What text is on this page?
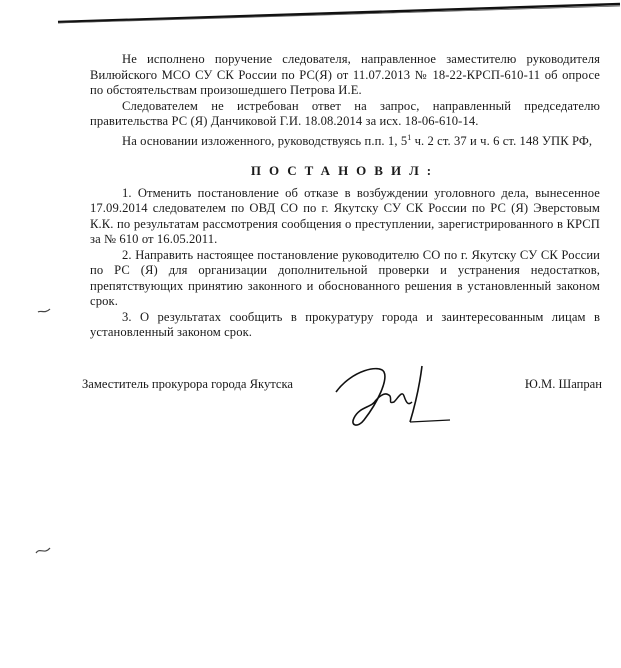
Не исполнено поручение следователя, направленное заместителю руководителя Вилюйского МСО СУ СК России по РС(Я) от 11.07.2013 № 18-22-КРСП-610-11 об опросе по обстоятельствам произошедшего Петрова И.Е.

Следователем не истребован ответ на запрос, направленный председателю правительства РС (Я) Данчиковой Г.И. 18.08.2014 за исх. 18-06-610-14.

На основании изложенного, руководствуясь п.п. 1, $5^1$ ч. 2 ст. 37 и ч. 6 ст. 148 УПК РФ,

ПОСТАНОВИЛ:

1. Отменить постановление об отказе в возбуждении уголовного дела, вынесенное 17.09.2014 следователем по ОВД СО по г. Якутску СУ СК России по РС (Я) Эверстовым К.К. по результатам рассмотрения сообщения о преступлении, зарегистрированного в КРСП за № 610 от 16.05.2011.

2. Направить настоящее постановление руководителю СО по г. Якутску СУ СК России по РС (Я) для организации дополнительной проверки и устранения недостатков, препятствующих принятию законного и обоснованного решения в установленный законом срок.

3. О результатах сообщить в прокуратуру города и заинтересованным лицам в установленный законом срок.

Заместитель прокурора города Якутска	Ю.М. Шапран
